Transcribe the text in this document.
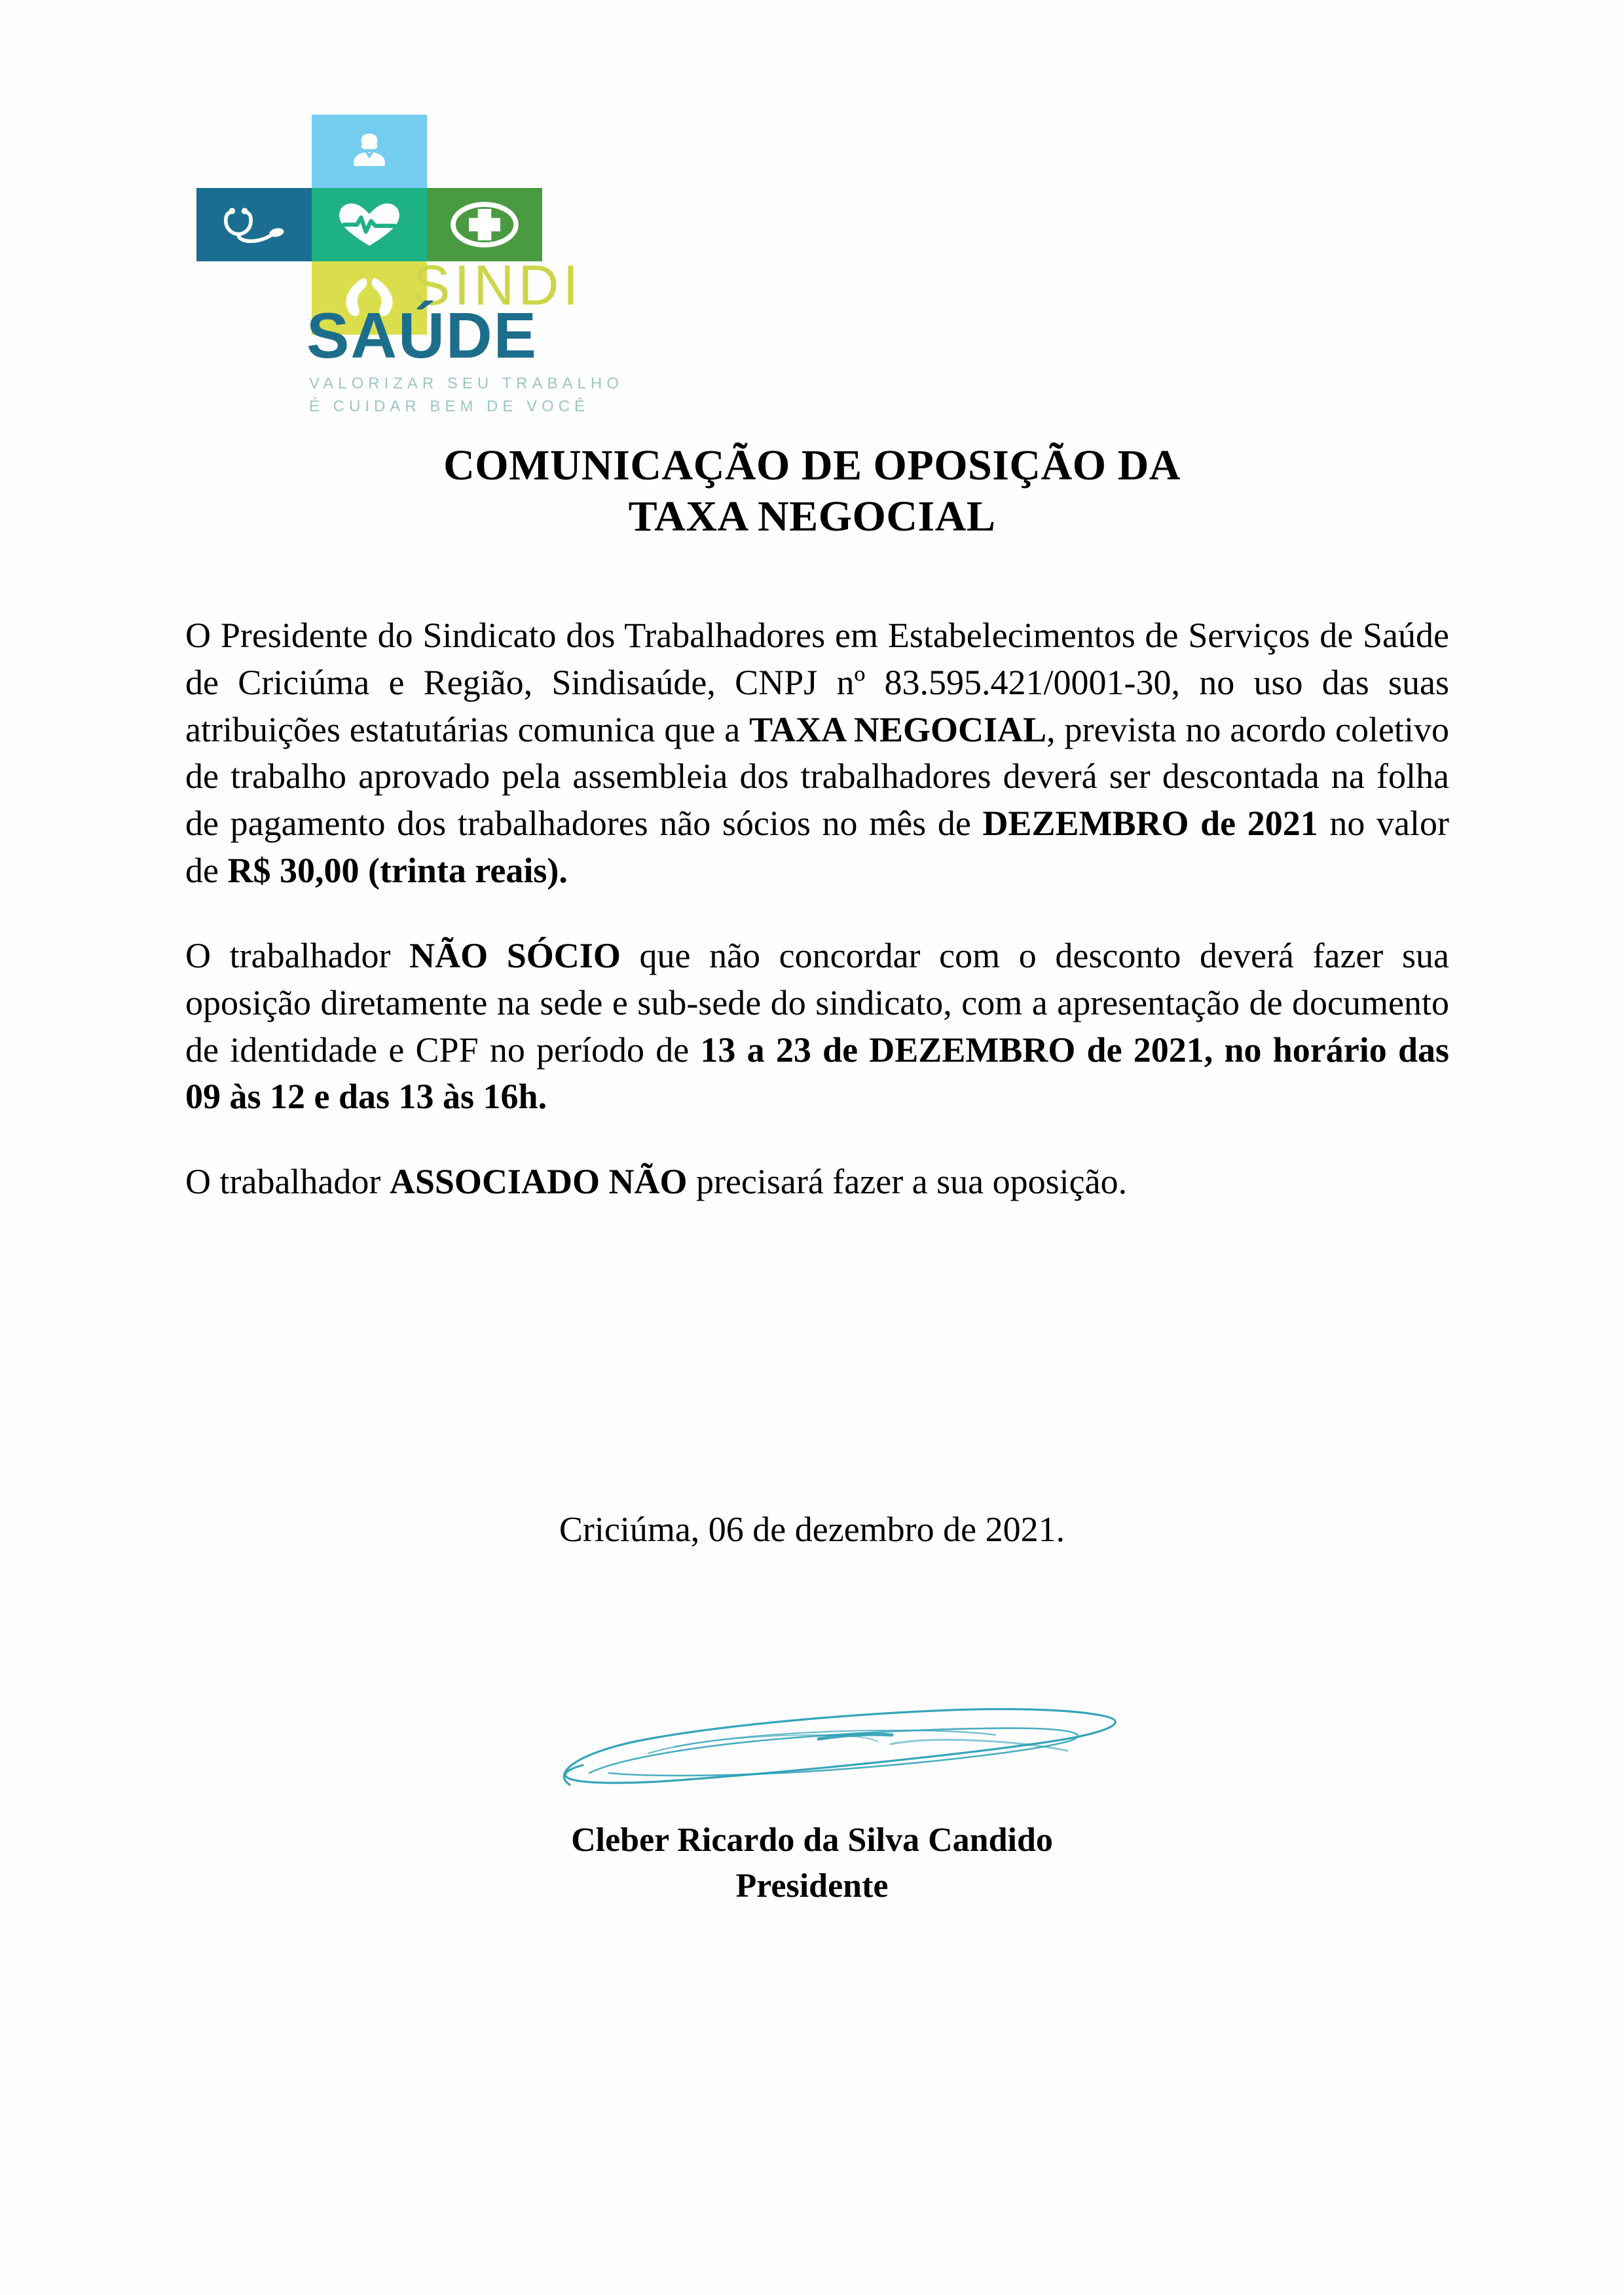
SINDI
SAÚDE
VALORIZAR SEU TRABALHO
É CUIDAR BEM DE VOCÊ
COMUNICAÇÃO DE OPOSIÇÃO DA
TAXA NEGOCIAL

O Presidente do Sindicato dos Trabalhadores em Estabelecimentos de Serviços de Saúde de Criciúma e Região, Sindisaúde, CNPJ nº 83.595.421/0001-30, no uso das suas atribuições estatutárias comunica que a TAXA NEGOCIAL, prevista no acordo coletivo de trabalho aprovado pela assembleia dos trabalhadores deverá ser descontada na folha de pagamento dos trabalhadores não sócios no mês de DEZEMBRO de 2021 no valor de R$ 30,00 (trinta reais).

O trabalhador NÃO SÓCIO que não concordar com o desconto deverá fazer sua oposição diretamente na sede e sub-sede do sindicato, com a apresentação de documento de identidade e CPF no período de 13 a 23 de DEZEMBRO de 2021, no horário das 09 às 12 e das 13 às 16h.

O trabalhador ASSOCIADO NÃO precisará fazer a sua oposição.

Criciúma, 06 de dezembro de 2021.
Cleber Ricardo da Silva Candido
Presidente
